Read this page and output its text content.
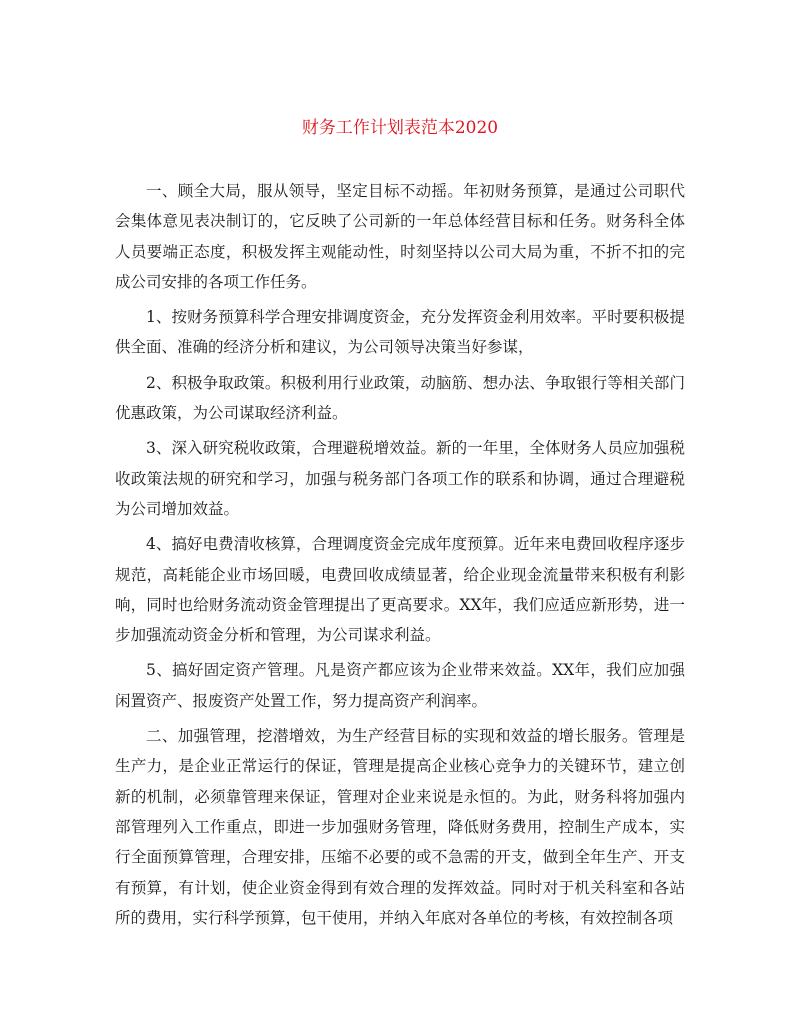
财务工作计划表范本2020

一、顾全大局，服从领导，坚定目标不动摇。年初财务预算，是通过公司职代会集体意见表决制订的，它反映了公司新的一年总体经营目标和任务。财务科全体人员要端正态度，积极发挥主观能动性，时刻坚持以公司大局为重，不折不扣的完成公司安排的各项工作任务。

1、按财务预算科学合理安排调度资金，充分发挥资金利用效率。平时要积极提供全面、准确的经济分析和建议，为公司领导决策当好参谋，

2、积极争取政策。积极利用行业政策，动脑筋、想办法、争取银行等相关部门优惠政策，为公司谋取经济利益。

3、深入研究税收政策，合理避税增效益。新的一年里，全体财务人员应加强税收政策法规的研究和学习，加强与税务部门各项工作的联系和协调，通过合理避税为公司增加效益。

4、搞好电费清收核算，合理调度资金完成年度预算。近年来电费回收程序逐步规范，高耗能企业市场回暖，电费回收成绩显著，给企业现金流量带来积极有利影响，同时也给财务流动资金管理提出了更高要求。XX年，我们应适应新形势，进一步加强流动资金分析和管理，为公司谋求利益。

5、搞好固定资产管理。凡是资产都应该为企业带来效益。XX年，我们应加强闲置资产、报废资产处置工作，努力提高资产利润率。

二、加强管理，挖潜增效，为生产经营目标的实现和效益的增长服务。管理是生产力，是企业正常运行的保证，管理是提高企业核心竞争力的关键环节，建立创新的机制，必须靠管理来保证，管理对企业来说是永恒的。为此，财务科将加强内部管理列入工作重点，即进一步加强财务管理，降低财务费用，控制生产成本，实行全面预算管理，合理安排，压缩不必要的或不急需的开支，做到全年生产、开支有预算，有计划，使企业资金得到有效合理的发挥效益。同时对于机关科室和各站所的费用，实行科学预算，包干使用，并纳入年底对各单位的考核，有效控制各项
